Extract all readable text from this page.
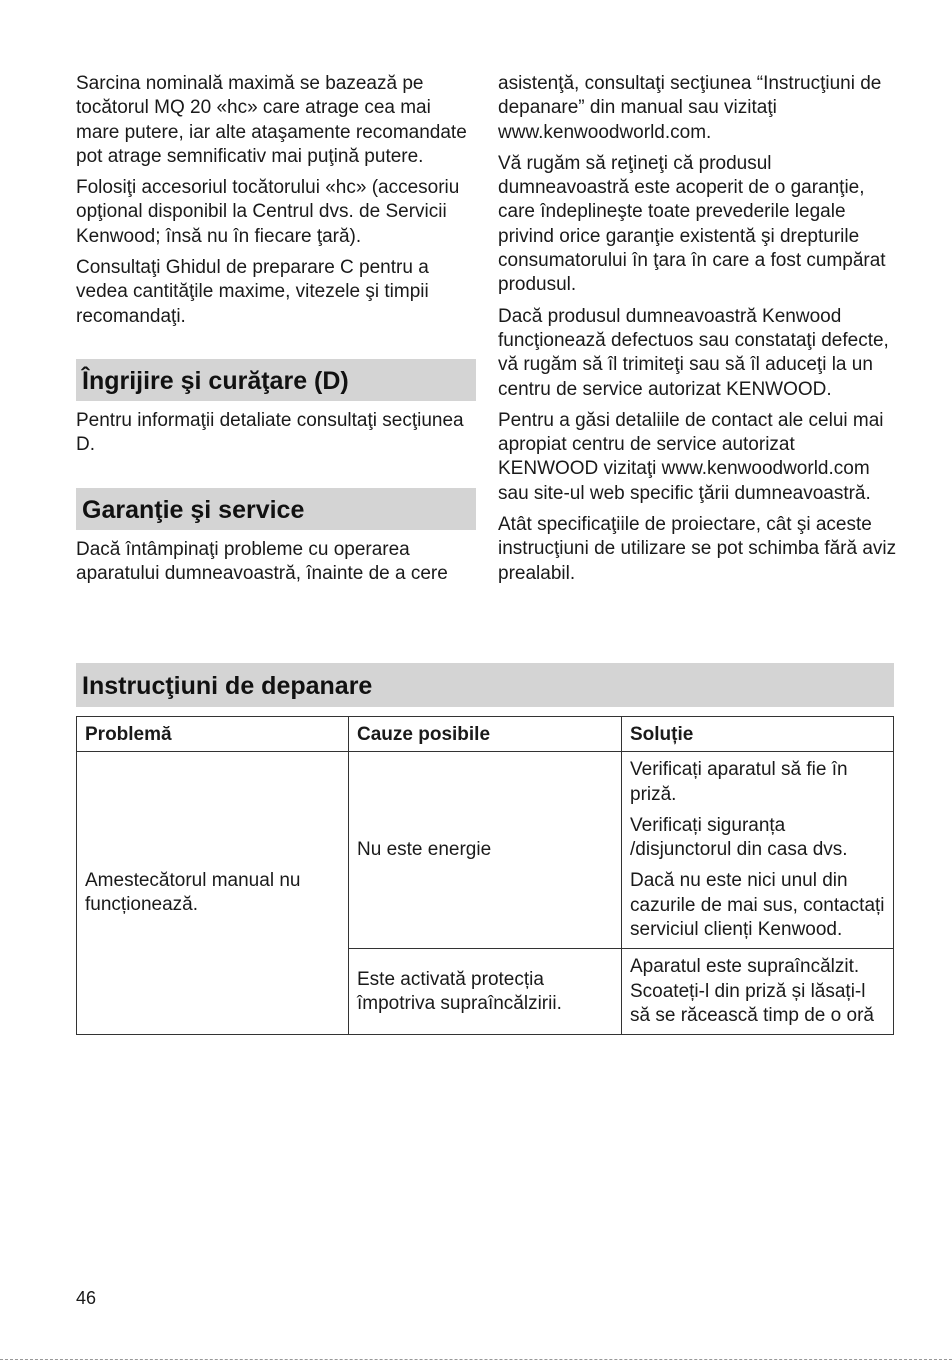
Sarcina nominală maximă se bazează pe tocătorul MQ 20 «hc» care atrage cea mai mare putere, iar alte ataşamente recomandate pot atrage semnificativ mai puţină putere.

Folosiţi accesoriul tocătorului «hc» (accesoriu opţional disponibil la Centrul dvs. de Servicii Kenwood; însă nu în fiecare ţară).

Consultaţi Ghidul de preparare C pentru a vedea cantităţile maxime, vitezele şi timpii recomandaţi.

Îngrijire şi curăţare (D)

Pentru informaţii detaliate consultaţi secţiunea D.

Garanţie şi service

Dacă întâmpinaţi probleme cu operarea aparatului dumneavoastră, înainte de a cere

asistenţă, consultaţi secţiunea “Instrucţiuni de depanare” din manual sau vizitaţi www.kenwoodworld.com.

Vă rugăm să reţineţi că produsul dumneavoastră este acoperit de o garanţie, care îndeplineşte toate prevederile legale privind orice garanţie existentă şi drepturile consumatorului în ţara în care a fost cumpărat produsul.

Dacă produsul dumneavoastră Kenwood funcţionează defectuos sau constataţi defecte, vă rugăm să îl trimiteţi sau să îl aduceţi la un centru de service autorizat KENWOOD.

Pentru a găsi detaliile de contact ale celui mai apropiat centru de service autorizat KENWOOD vizitaţi www.kenwoodworld.com sau site-ul web specific ţării dumneavoastră.

Atât specificaţiile de proiectare, cât şi aceste instrucţiuni de utilizare se pot schimba fără aviz prealabil.

Instrucţiuni de depanare
Problemă	Cauze posibile	Soluție
Amestecătorul manual nu funcționează.	Nu este energie	Verificați aparatul să fie în priză.

Verificați siguranța /disjunctorul din casa dvs.

Dacă nu este nici unul din cazurile de mai sus, contactați serviciul clienți Kenwood.

	Este activată protecția împotriva supraîncălzirii.	Aparatul este supraîncălzit. Scoateți-l din priză și lăsați-l să se răcească timp de o oră

46
